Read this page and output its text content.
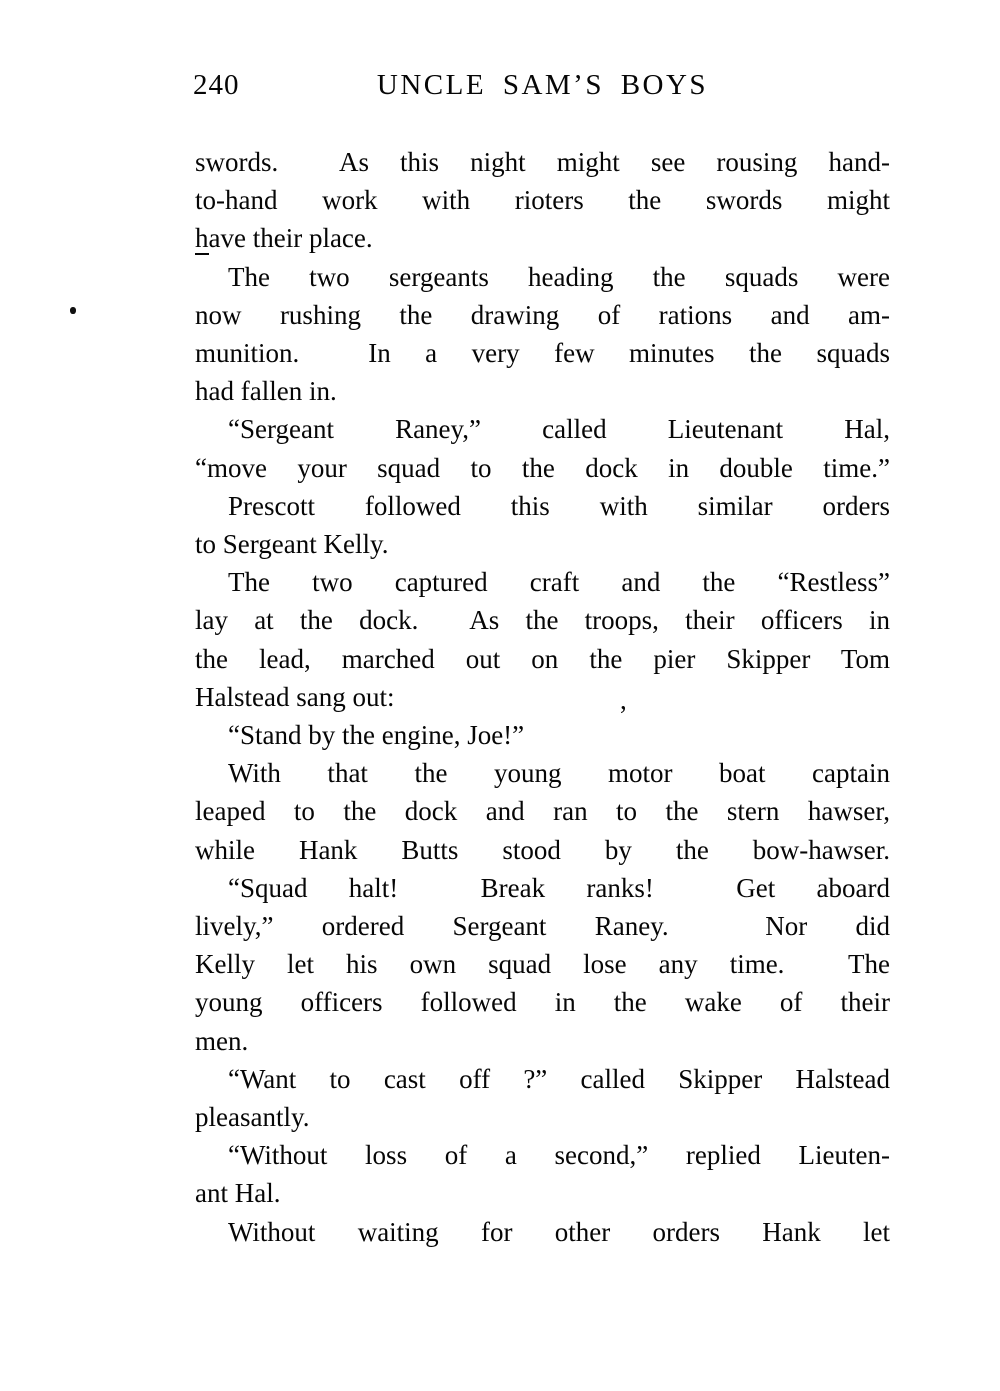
240	UNCLE SAM’S BOYS
swords.  As this night might see rousing hand-
to-hand work with rioters the swords might
have their place.
The two sergeants heading the squads were
now rushing the drawing of rations and am-
munition.  In a very few minutes the squads
had fallen in.
“Sergeant Raney,” called Lieutenant Hal,
“move your squad to the dock in double time.”
Prescott followed this with similar orders
to Sergeant Kelly.
The two captured craft and the “Restless”
lay at the dock.  As the troops, their officers in
the lead, marched out on the pier Skipper Tom
Halstead sang out:
“Stand by the engine, Joe!”
With that the young motor boat captain
leaped to the dock and ran to the stern hawser,
while Hank Butts stood by the bow-hawser.
“Squad halt!  Break ranks!  Get aboard
lively,” ordered Sergeant Raney.  Nor did
Kelly let his own squad lose any time.  The
young officers followed in the wake of their
men.
“Want to cast off ?” called Skipper Halstead
pleasantly.
“Without loss of a second,” replied Lieuten-
ant Hal.
Without waiting for other orders Hank let
,
